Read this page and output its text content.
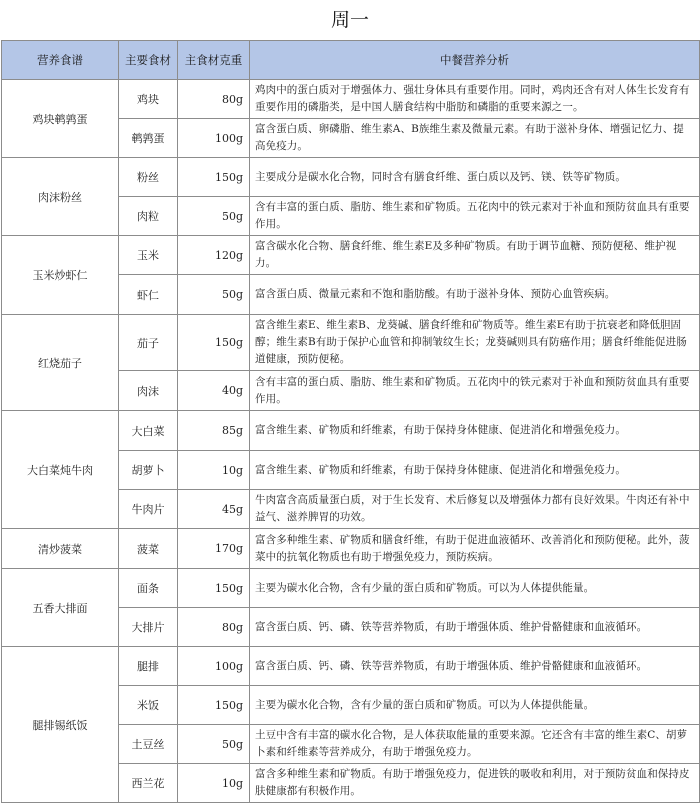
周一
营养食谱	主要食材	主食材克重	中餐营养分析
鸡块鹌鹑蛋	鸡块	80g	鸡肉中的蛋白质对于增强体力、强壮身体具有重要作用。同时，鸡肉还含有对人体生长发育有重要作用的磷脂类，是中国人膳食结构中脂肪和磷脂的重要来源之一。
	鹌鹑蛋	100g	富含蛋白质、卵磷脂、维生素A、B族维生素及微量元素。有助于滋补身体、增强记忆力、提高免疫力。
肉沫粉丝	粉丝	150g	主要成分是碳水化合物，同时含有膳食纤维、蛋白质以及钙、镁、铁等矿物质。
	肉粒	50g	含有丰富的蛋白质、脂肪、维生素和矿物质。五花肉中的铁元素对于补血和预防贫血具有重要作用。
玉米炒虾仁	玉米	120g	富含碳水化合物、膳食纤维、维生素E及多种矿物质。有助于调节血糖、预防便秘、维护视力。
	虾仁	50g	富含蛋白质、微量元素和不饱和脂肪酸。有助于滋补身体、预防心血管疾病。
红烧茄子	茄子	150g	富含维生素E、维生素B、龙葵碱、膳食纤维和矿物质等。维生素E有助于抗衰老和降低胆固醇；维生素B有助于保护心血管和抑制皱纹生长；龙葵碱则具有防癌作用；膳食纤维能促进肠道健康，预防便秘。
	肉沫	40g	含有丰富的蛋白质、脂肪、维生素和矿物质。五花肉中的铁元素对于补血和预防贫血具有重要作用。
大白菜炖牛肉	大白菜	85g	富含维生素、矿物质和纤维素，有助于保持身体健康、促进消化和增强免疫力。
	胡萝卜	10g	富含维生素、矿物质和纤维素，有助于保持身体健康、促进消化和增强免疫力。
	牛肉片	45g	牛肉富含高质量蛋白质，对于生长发育、术后修复以及增强体力都有良好效果。牛肉还有补中益气、滋养脾胃的功效。
清炒菠菜	菠菜	170g	富含多种维生素、矿物质和膳食纤维，有助于促进血液循环、改善消化和预防便秘。此外，菠菜中的抗氧化物质也有助于增强免疫力，预防疾病。
五香大排面	面条	150g	主要为碳水化合物，含有少量的蛋白质和矿物质。可以为人体提供能量。
	大排片	80g	富含蛋白质、钙、磷、铁等营养物质，有助于增强体质、维护骨骼健康和血液循环。
腿排锡纸饭	腿排	100g	富含蛋白质、钙、磷、铁等营养物质，有助于增强体质、维护骨骼健康和血液循环。
	米饭	150g	主要为碳水化合物，含有少量的蛋白质和矿物质。可以为人体提供能量。
	土豆丝	50g	土豆中含有丰富的碳水化合物，是人体获取能量的重要来源。它还含有丰富的维生素C、胡萝卜素和纤维素等营养成分，有助于增强免疫力。
	西兰花	10g	富含多种维生素和矿物质。有助于增强免疫力，促进铁的吸收和利用，对于预防贫血和保持皮肤健康都有积极作用。
